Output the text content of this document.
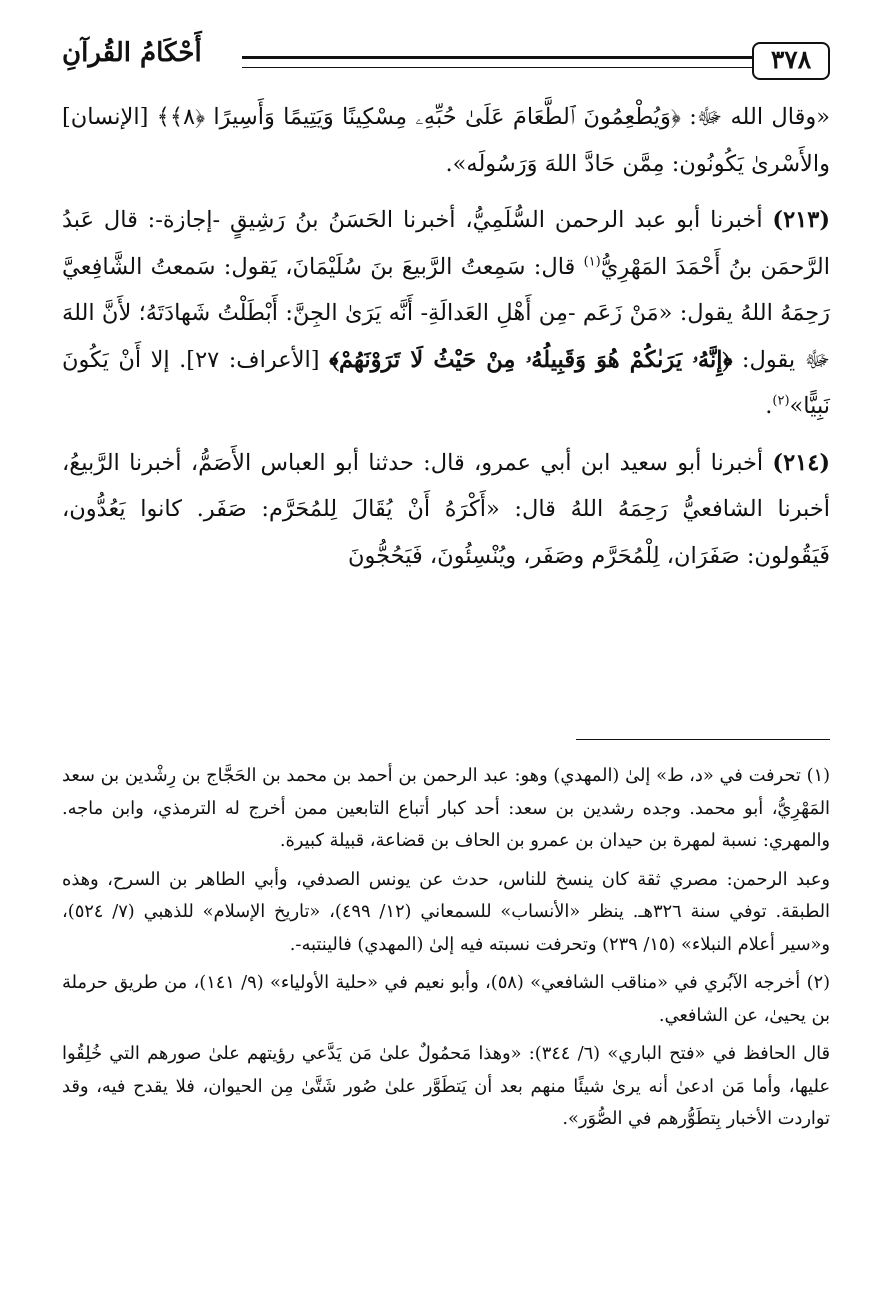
٣٧٨
أَحْكَامُ القُرآنِ

«وقال الله ﷻ: ﴿وَيُطْعِمُونَ ٱلطَّعَامَ عَلَىٰ حُبِّهِۦ مِسْكِينًا وَيَتِيمًا وَأَسِيرًا ﴿٨﴾﴾ [الإنسان] والأَسْرىٰ يَكُونُون: مِمَّن حَادَّ اللهَ وَرَسُولَه».

(٢١٣) أخبرنا أبو عبد الرحمن السُّلَمِيُّ، أخبرنا الحَسَنُ بنُ رَشِيقٍ -إجازة-: قال عَبدُ الرَّحمَن بنُ أَحْمَدَ المَهْرِيُّ$^{(١)}$ قال: سَمِعتُ الرَّبيعَ بنَ سُلَيْمَانَ، يَقول: سَمعتُ الشَّافِعيَّ رَحِمَهُ اللهُ يقول: «مَنْ زَعَم -مِن أَهْلِ العَدالَةِ- أَنَّه يَرَىٰ الجِنَّ: أَبْطَلْتُ شَهادَتَهُ؛ لأَنَّ اللهَ ﷻ يقول: ﴿إِنَّهُۥ يَرَىٰكُمْ هُوَ وَقَبِيلُهُۥ مِنْ حَيْثُ لَا تَرَوْنَهُمْ﴾ [الأعراف: ٢٧]. إلا أَنْ يَكُونَ نَبِيًّا»$^{(٢)}$.

(٢١٤) أخبرنا أبو سعيد ابن أبي عمرو، قال: حدثنا أبو العباس الأَصَمُّ، أخبرنا الرَّبيعُ، أخبرنا الشافعيُّ رَحِمَهُ اللهُ قال: «أَكْرَهُ أَنْ يُقَالَ لِلمُحَرَّم: صَفَر. كانوا يَعُدُّون، فَيَقُولون: صَفَرَان، لِلْمُحَرَّم وصَفَر، ويُنْسِئُونَ، فَيَحُجُّونَ

(١) تحرفت في «د، ط» إلىٰ (المهدي) وهو: عبد الرحمن بن أحمد بن محمد بن الحَجَّاج بن رِشْدين بن سعد المَهْرِيُّ، أبو محمد. وجده رشدين بن سعد: أحد كبار أتباع التابعين ممن أخرج له الترمذي، وابن ماجه. والمهري: نسبة لمهرة بن حيدان بن عمرو بن الحاف بن قضاعة، قبيلة كبيرة.

وعبد الرحمن: مصري ثقة كان ينسخ للناس، حدث عن يونس الصدفي، وأبي الطاهر بن السرح، وهذه الطبقة. توفي سنة ٣٢٦هـ. ينظر «الأنساب» للسمعاني (١٢/ ٤٩٩)، «تاريخ الإسلام» للذهبي (٧/ ٥٢٤)، و«سير أعلام النبلاء» (١٥/ ٢٣٩) وتحرفت نسبته فيه إلىٰ (المهدي) فالينتبه-.

(٢) أخرجه الآبُري في «مناقب الشافعي» (٥٨)، وأبو نعيم في «حلية الأولياء» (٩/ ١٤١)، من طريق حرملة بن يحيىٰ، عن الشافعي.

قال الحافظ في «فتح الباري» (٦/ ٣٤٤): «وهذا مَحمُولٌ علىٰ مَن يَدَّعي رؤيتهم علىٰ صورهم التي خُلِقُوا عليها، وأما مَن ادعىٰ أنه يرىٰ شيئًا منهم بعد أن يَتطَوَّر علىٰ صُور شَتَّىٰ مِن الحيوان، فلا يقدح فيه، وقد تواردت الأخبار بِتطَوُّرهم في الصُّوَر».
